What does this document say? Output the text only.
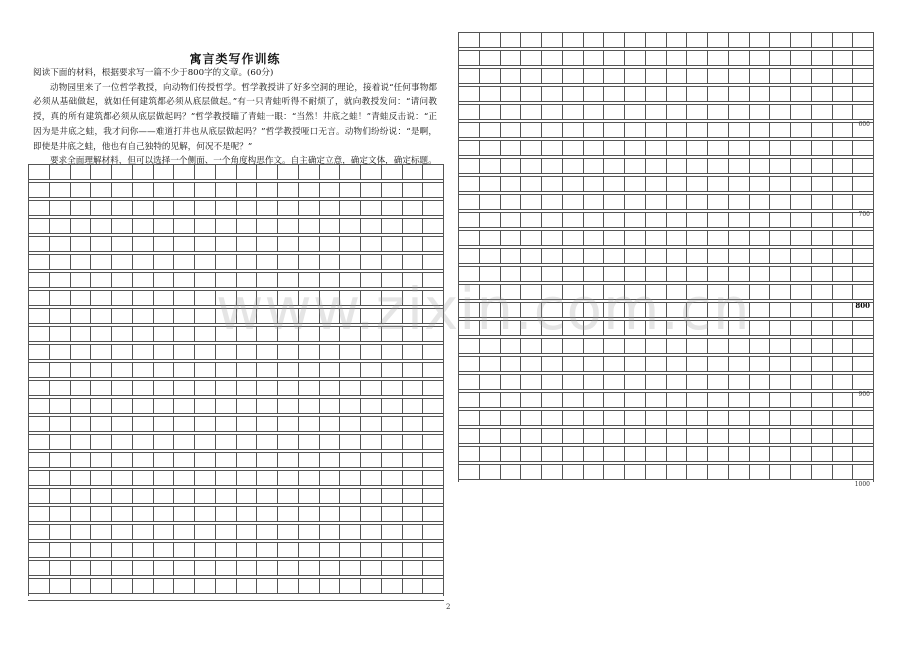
寓言类写作训练

阅读下面的材料，根据要求写一篇不少于800字的文章。(60分)

动物园里来了一位哲学教授，向动物们传授哲学。哲学教授讲了好多空洞的理论，接着说“任何事物都必须从基础做起，就如任何建筑都必须从底层做起。”有一只青蛙听得不耐烦了，就向教授发问：“请问教授，真的所有建筑都必须从底层做起吗？”哲学教授瞄了青蛙一眼：“当然！井底之蛙！”青蛙反击说：“正因为是井底之蛙，我才问你——难道打井也从底层做起吗？”哲学教授哑口无言。动物们纷纷说：“是啊，即使是井底之蛙，他也有自己独特的见解，何况不是呢？”

要求全面理解材料，但可以选择一个侧面、一个角度构思作文。自主确定立意，确定文体，确定标题。

2
600
700
800
900
1000
www.zixin.com.cn
